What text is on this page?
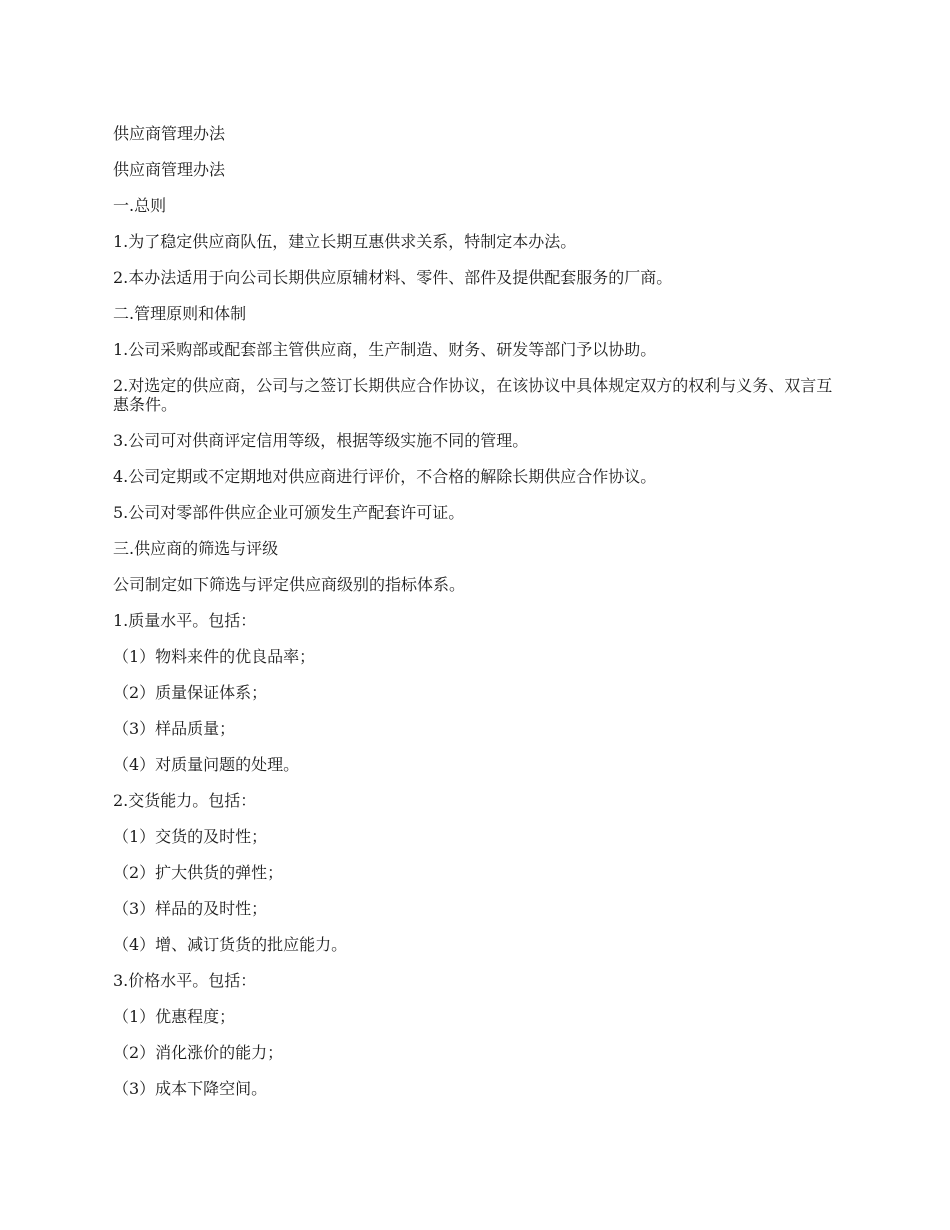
供应商管理办法

供应商管理办法

一.总则

1.为了稳定供应商队伍，建立长期互惠供求关系，特制定本办法。

2.本办法适用于向公司长期供应原辅材料、零件、部件及提供配套服务的厂商。

二.管理原则和体制

1.公司采购部或配套部主管供应商，生产制造、财务、研发等部门予以协助。

2.对选定的供应商，公司与之签订长期供应合作协议，在该协议中具体规定双方的权利与义务、双言互惠条件。

3.公司可对供商评定信用等级，根据等级实施不同的管理。

4.公司定期或不定期地对供应商进行评价，不合格的解除长期供应合作协议。

5.公司对零部件供应企业可颁发生产配套许可证。

三.供应商的筛选与评级

公司制定如下筛选与评定供应商级别的指标体系。

1.质量水平。包括：

（1）物料来件的优良品率；

（2）质量保证体系；

（3）样品质量；

（4）对质量问题的处理。

2.交货能力。包括：

（1）交货的及时性；

（2）扩大供货的弹性；

（3）样品的及时性；

（4）增、减订货货的批应能力。

3.价格水平。包括：

（1）优惠程度；

（2）消化涨价的能力；

（3）成本下降空间。
